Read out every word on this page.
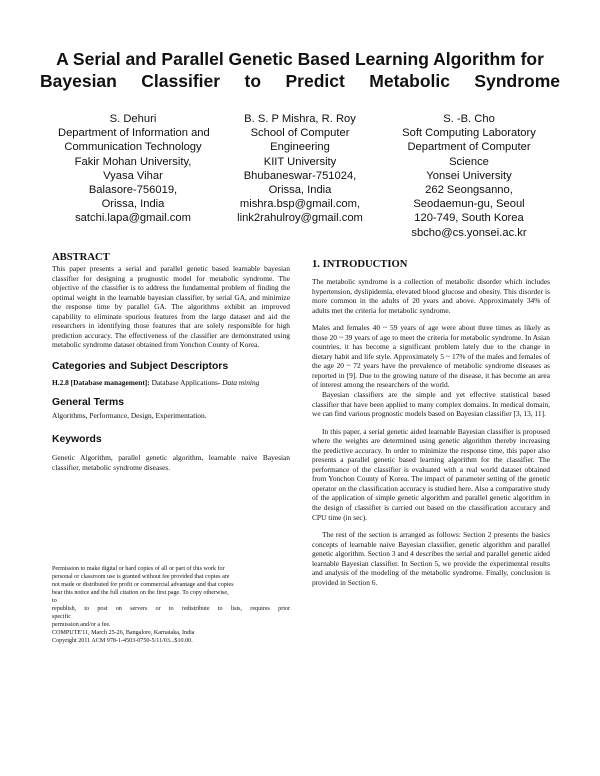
A Serial and Parallel Genetic Based Learning Algorithm for
Bayesian Classifier to Predict Metabolic Syndrome
S. Dehuri
Department of Information and
Communication Technology
Fakir Mohan University,
Vyasa Vihar
Balasore-756019,
Orissa, India
satchi.lapa@gmail.com
B. S. P Mishra, R. Roy
School of Computer
Engineering
KIIT University
Bhubaneswar-751024,
Orissa, India
mishra.bsp@gmail.com,
link2rahulroy@gmail.com
S. -B. Cho
Soft Computing Laboratory
Department of Computer
Science
Yonsei University
262 Seongsanno,
Seodaemun-gu, Seoul
120-749, South Korea
sbcho@cs.yonsei.ac.kr
ABSTRACT

This paper presents a serial and parallel genetic based learnable bayesian classifier for designing a prognostic model for metabolic syndrome. The objective of the classifier is to address the fundamental problem of finding the optimal weight in the learnable bayesian classifier, by serial GA, and minimize the response time by parallel GA. The algorithms exhibit an improved capability to eliminate spurious features from the large dataset and aid the researchers in identifying those features that are solely responsible for high prediction accuracy. The effectiveness of the classifier are demonstrated using metabolic syndrome dataset obtained from Yonchon County of Korea.

Categories and Subject Descriptors

H.2.8 [Database management]: Database Applications- Data mining

General Terms

Algorithms, Performance, Design, Experimentation.

Keywords

Genetic Algorithm, parallel genetic algorithm, learnable naive Bayesian classifier, metabolic syndrome diseases.

Permission to make digital or hard copies of all or part of this work for
personal or classroom use is granted without fee provided that copies are
not made or distributed for profit or commercial advantage and that copies
bear this notice and the full citation on the first page. To copy otherwise,
to
republish, to post on servers or to redistribute to lists, requires prior
specific
permission and/or a fee.
COMPUTE'11, March 25-26, Bangalore, Karnataka, India
Copyright 2011 ACM 978-1-4503-0750-5/11/03...$10.00.
1. INTRODUCTION

The metabolic syndrome is a collection of metabolic disorder which includes hypertension, dyslipidemia, elevated blood glucose and obesity. This disorder is more common in the adults of 20 years and above. Approximately 34% of adults met the criteria for metabolic syndrome.

Males and females 40 ~ 59 years of age were about three times as likely as those 20 ~ 39 years of age to meet the criteria for metabolic syndrome. In Asian countries, it has become a significant problem lately due to the change in dietary habit and life style. Approximately 5 ~ 17% of the males and females of the age 20 ~ 72 years have the prevalence of metabolic syndrome diseases as reported in [9]. Due to the growing nature of the disease, it has become an area of interest among the researchers of the world.

Bayesian classifiers are the simple and yet effective statistical based classifier that have been applied to many complex domains. In medical domain, we can find various prognostic models based on Bayesian classifier [3, 13, 11].

In this paper, a serial genetic aided learnable Bayesian classifier is proposed where the weights are determined using genetic algorithm thereby increasing the predictive accuracy. In order to minimize the response time, this paper also presents a parallel genetic based learning algorithm for the classifier. The performance of the classifier is evaluated with a real world dataset obtained from Yonchon County of Korea. The impact of parameter setting of the genetic operator on the classification accuracy is studied here. Also a comparative study of the application of simple genetic algorithm and parallel genetic algorithm in the design of classifier is carried out based on the classification accuracy and CPU time (in sec).

The rest of the section is arranged as follows: Section 2 presents the basics concepts of learnable naive Bayesian classifier, genetic algorithm and parallel genetic algorithm. Section 3 and 4 describes the serial and parallel genetic aided learnable Bayesian classifier. In Section 5, we provide the experimental results and analysis of the modeling of the metabolic syndrome. Finally, conclusion is provided in Section 6.
